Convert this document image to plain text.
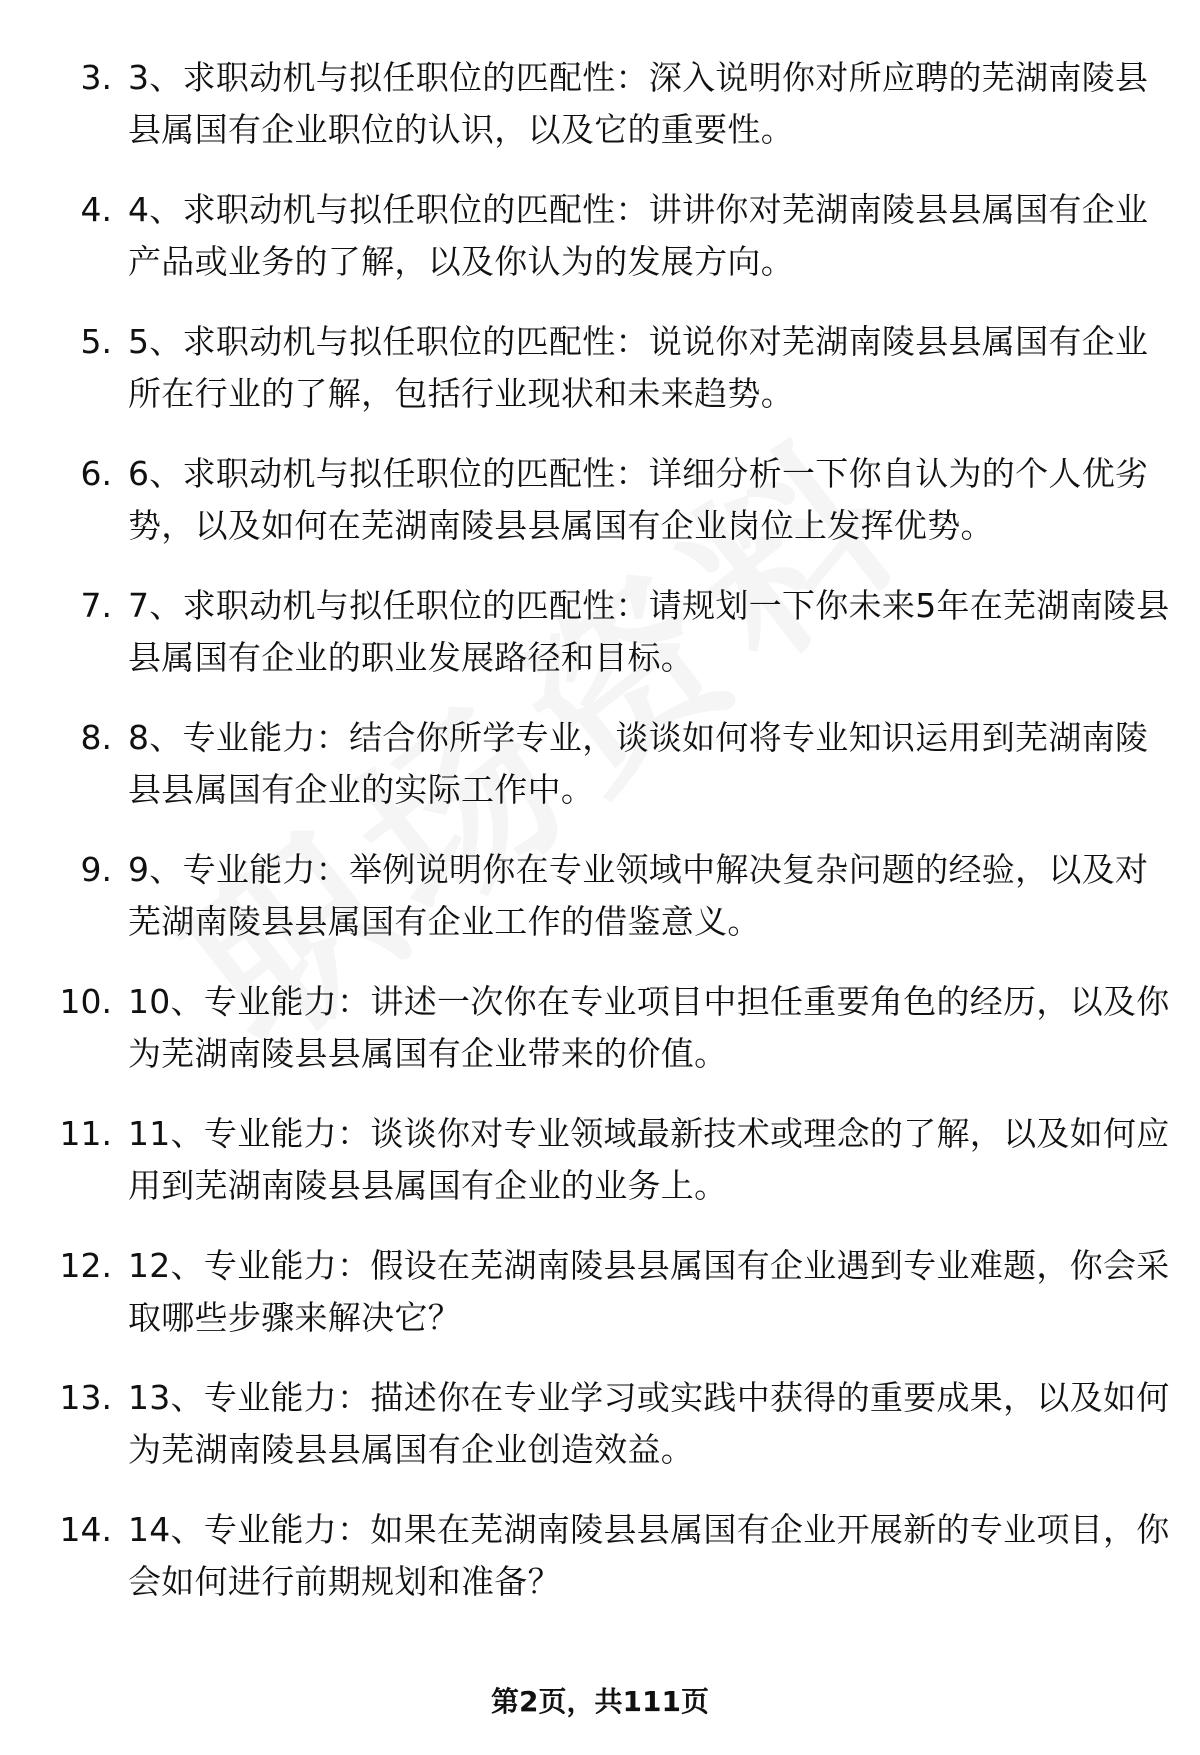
3. 3、求职动机与拟任职位的匹配性：深入说明你对所应聘的芜湖南陵县县属国有企业职位的认识，以及它的重要性。
4. 4、求职动机与拟任职位的匹配性：讲讲你对芜湖南陵县县属国有企业产品或业务的了解，以及你认为的发展方向。
5. 5、求职动机与拟任职位的匹配性：说说你对芜湖南陵县县属国有企业所在行业的了解，包括行业现状和未来趋势。
6. 6、求职动机与拟任职位的匹配性：详细分析一下你自认为的个人优劣势，以及如何在芜湖南陵县县属国有企业岗位上发挥优势。
7. 7、求职动机与拟任职位的匹配性：请规划一下你未来5年在芜湖南陵县县属国有企业的职业发展路径和目标。
8. 8、专业能力：结合你所学专业，谈谈如何将专业知识运用到芜湖南陵县县属国有企业的实际工作中。
9. 9、专业能力：举例说明你在专业领域中解决复杂问题的经验，以及对芜湖南陵县县属国有企业工作的借鉴意义。
10. 10、专业能力：讲述一次你在专业项目中担任重要角色的经历，以及你为芜湖南陵县县属国有企业带来的价值。
11. 11、专业能力：谈谈你对专业领域最新技术或理念的了解，以及如何应用到芜湖南陵县县属国有企业的业务上。
12. 12、专业能力：假设在芜湖南陵县县属国有企业遇到专业难题，你会采取哪些步骤来解决它？
13. 13、专业能力：描述你在专业学习或实践中获得的重要成果，以及如何为芜湖南陵县县属国有企业创造效益。
14. 14、专业能力：如果在芜湖南陵县县属国有企业开展新的专业项目，你会如何进行前期规划和准备？
第2页，共111页
